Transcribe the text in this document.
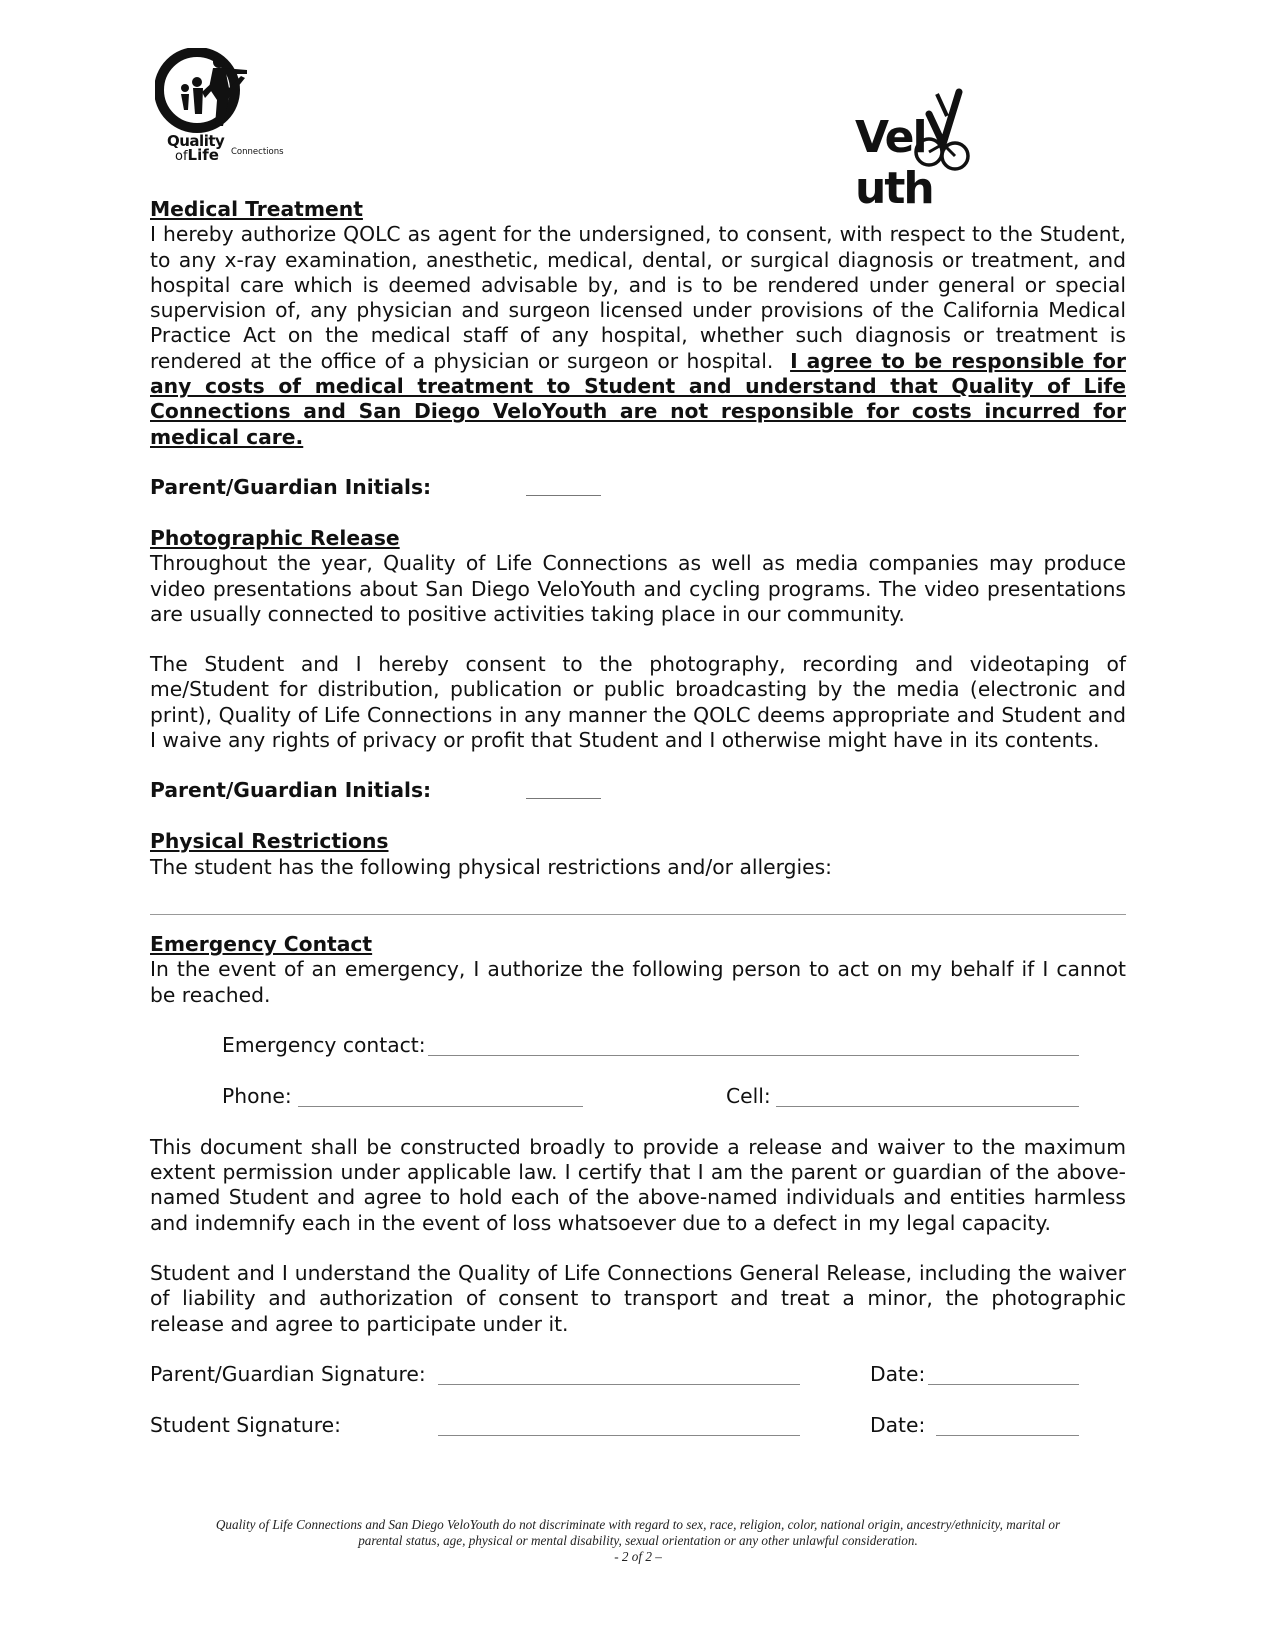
Quality
ofLife Connections	Veluth

Medical Treatment

I hereby authorize QOLC as agent for the undersigned, to consent, with respect to the Student, to any x-ray examination, anesthetic, medical, dental, or surgical diagnosis or treatment, and hospital care which is deemed advisable by, and is to be rendered under general or special supervision of, any physician and surgeon licensed under provisions of the California Medical Practice Act on the medical staff of any hospital, whether such diagnosis or treatment is rendered at the office of a physician or surgeon or hospital. I agree to be responsible for any costs of medical treatment to Student and understand that Quality of Life Connections and San Diego VeloYouth are not responsible for costs incurred for medical care.

Parent/Guardian Initials:

Photographic Release

Throughout the year, Quality of Life Connections as well as media companies may produce video presentations about San Diego VeloYouth and cycling programs. The video presentations are usually connected to positive activities taking place in our community.

The Student and I hereby consent to the photography, recording and videotaping of me/Student for distribution, publication or public broadcasting by the media (electronic and print), Quality of Life Connections in any manner the QOLC deems appropriate and Student and I waive any rights of privacy or profit that Student and I otherwise might have in its contents.

Parent/Guardian Initials:

Physical Restrictions

The student has the following physical restrictions and/or allergies:

Emergency Contact

In the event of an emergency, I authorize the following person to act on my behalf if I cannot be reached.

Emergency contact:
Phone:	Cell:

This document shall be constructed broadly to provide a release and waiver to the maximum extent permission under applicable law. I certify that I am the parent or guardian of the above-named Student and agree to hold each of the above-named individuals and entities harmless and indemnify each in the event of loss whatsoever due to a defect in my legal capacity.

Student and I understand the Quality of Life Connections General Release, including the waiver of liability and authorization of consent to transport and treat a minor, the photographic release and agree to participate under it.

Parent/Guardian Signature:	Date:
Student Signature:	Date:
Quality of Life Connections and San Diego VeloYouth do not discriminate with regard to sex, race, religion, color, national origin, ancestry/ethnicity, marital or
parental status, age, physical or mental disability, sexual orientation or any other unlawful consideration.
- 2 of 2 –
